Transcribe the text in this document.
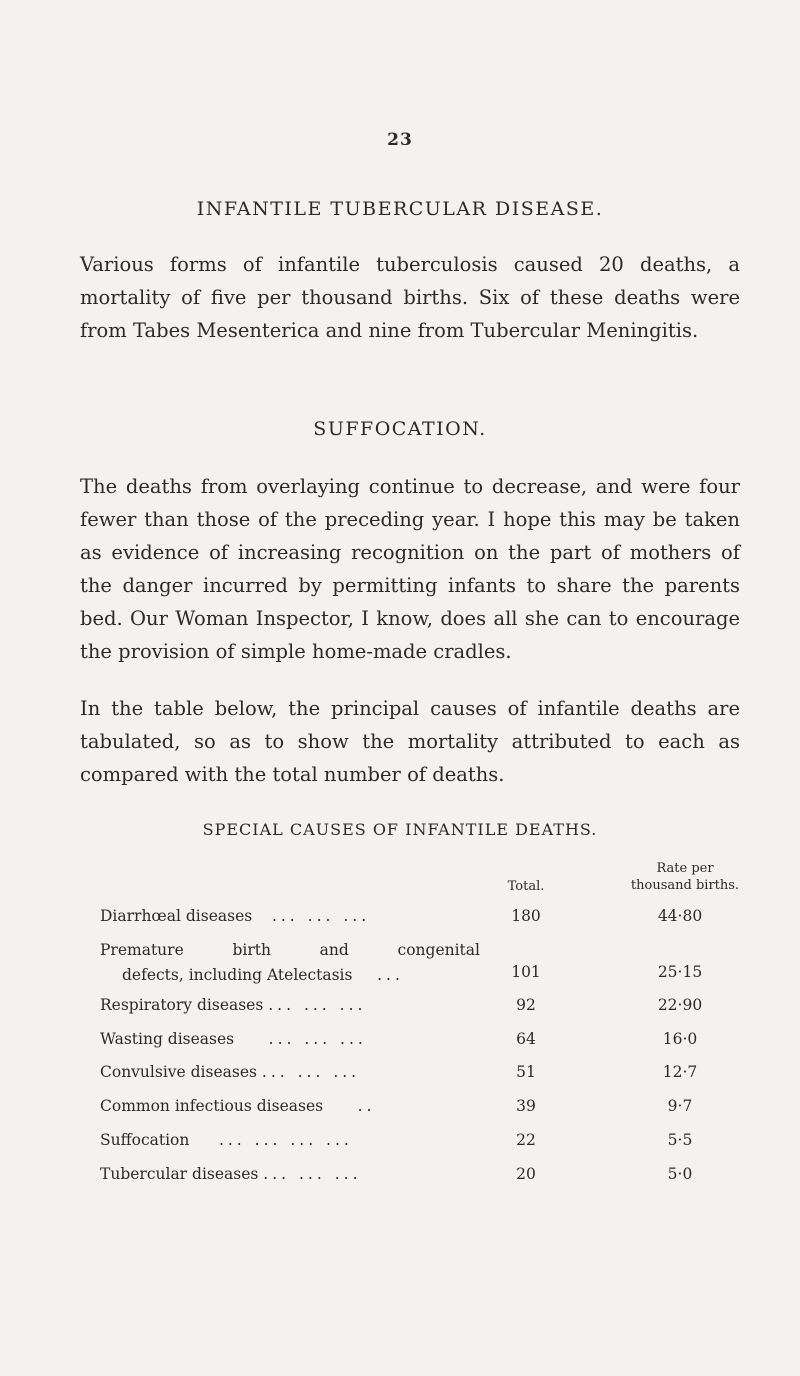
23
INFANTILE TUBERCULAR DISEASE.

Various forms of infantile tuberculosis caused 20 deaths, a mortality of five per thousand births. Six of these deaths were from Tabes Mesenterica and nine from Tubercular Meningitis.

SUFFOCATION.

The deaths from overlaying continue to decrease, and were four fewer than those of the preceding year. I hope this may be taken as evidence of increasing recognition on the part of mothers of the danger incurred by permitting infants to share the parents bed. Our Woman Inspector, I know, does all she can to encourage the provision of simple home-made cradles.

In the table below, the principal causes of infantile deaths are tabulated, so as to show the mortality attributed to each as compared with the total number of deaths.

SPECIAL CAUSES OF INFANTILE DEATHS.
Total.
Rate per
thousand births.
Diarrhœal diseases ... ... ...	180	44·80
Premature birth and congenital
defects, including Atelectasis ...	101	25·15
Respiratory diseases ... ... ...	92	22·90
Wasting diseases ... ... ...	64	16·0
Convulsive diseases ... ... ...	51	12·7
Common infectious diseases ..	39	9·7
Suffocation ... ... ... ...	22	5·5
Tubercular diseases ... ... ...	20	5·0
